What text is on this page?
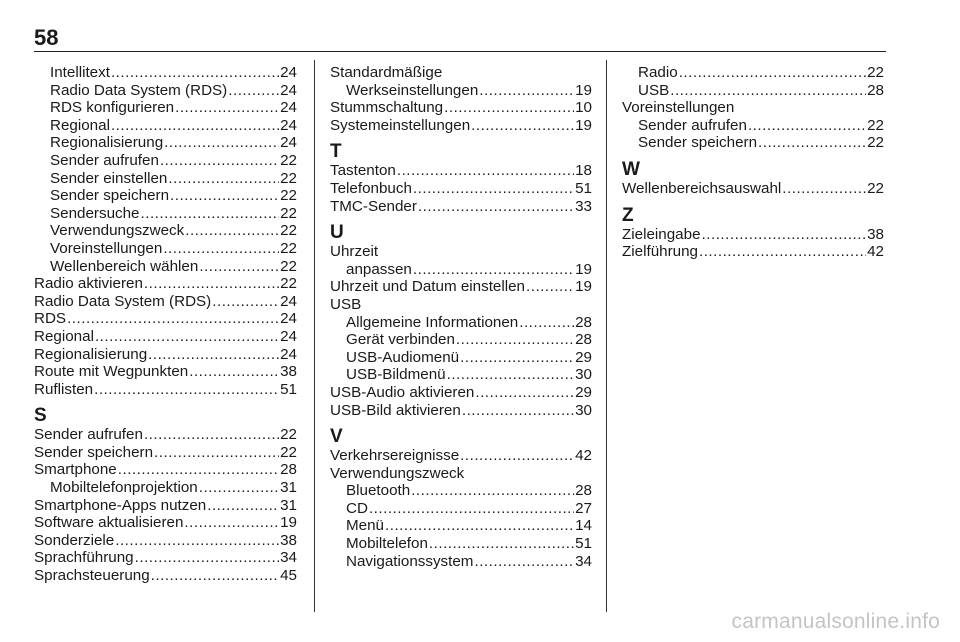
58
Intellitext .....	24
Radio Data System (RDS) .....	24
RDS konfigurieren .....	24
Regional .....	24
Regionalisierung .....	24
Sender aufrufen .....	22
Sender einstellen .....	22
Sender speichern .....	22
Sendersuche .....	22
Verwendungszweck .....	22
Voreinstellungen .....	22
Wellenbereich wählen .....	22
Radio aktivieren .....	22
Radio Data System (RDS) .....	24
RDS .....	24
Regional .....	24
Regionalisierung .....	24
Route mit Wegpunkten .....	38
Ruflisten .....	51
S
Sender aufrufen .....	22
Sender speichern .....	22
Smartphone .....	28
Mobiltelefonprojektion .....	31
Smartphone-Apps nutzen .....	31
Software aktualisieren .....	19
Sonderziele .....	38
Sprachführung .....	34
Sprachsteuerung .....	45
Standardmäßige
Werkseinstellungen .....	19
Stummschaltung .....	10
Systemeinstellungen .....	19
T
Tastenton .....	18
Telefonbuch .....	51
TMC-Sender .....	33
U
Uhrzeit
anpassen .....	19
Uhrzeit und Datum einstellen .....	19
USB
Allgemeine Informationen .....	28
Gerät verbinden .....	28
USB-Audiomenü .....	29
USB-Bildmenü .....	30
USB-Audio aktivieren .....	29
USB-Bild aktivieren .....	30
V
Verkehrsereignisse .....	42
Verwendungszweck
Bluetooth .....	28
CD .....	27
Menü .....	14
Mobiltelefon .....	51
Navigationssystem .....	34
Radio .....	22
USB .....	28
Voreinstellungen
Sender aufrufen .....	22
Sender speichern .....	22
W
Wellenbereichsauswahl .....	22
Z
Zieleingabe .....	38
Zielführung .....	42
carmanualsonline.info
